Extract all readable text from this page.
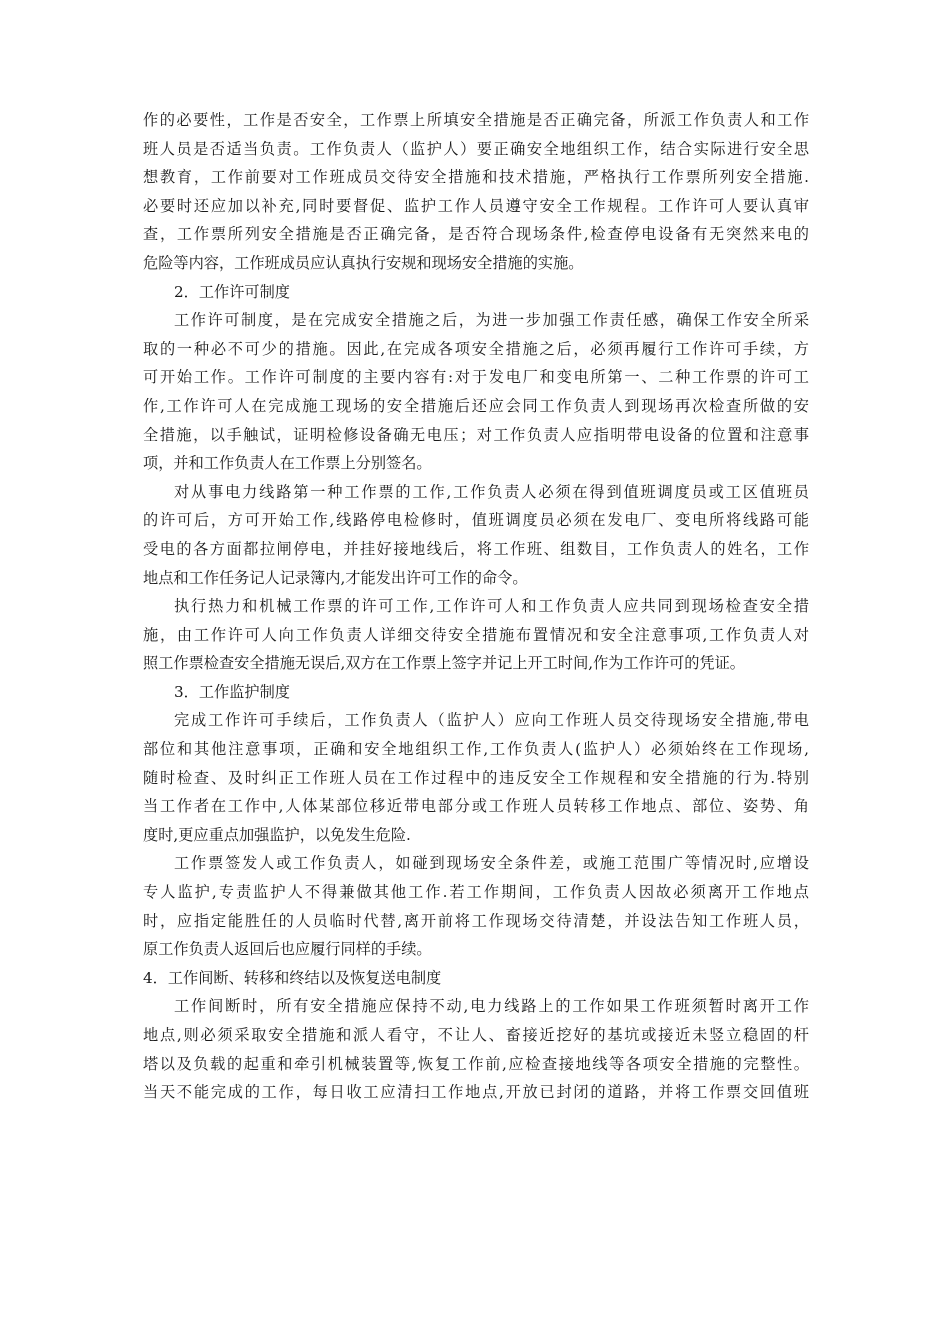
作的必要性，工作是否安全，工作票上所填安全措施是否正确完备，所派工作负责人和工作
班人员是否适当负责。工作负责人（监护人）要正确安全地组织工作，结合实际进行安全思
想教育，工作前要对工作班成员交待安全措施和技术措施，严格执行工作票所列安全措施.
必要时还应加以补充,同时要督促、监护工作人员遵守安全工作规程。工作许可人要认真审
查，工作票所列安全措施是否正确完备，是否符合现场条件,检查停电设备有无突然来电的
危险等内容，工作班成员应认真执行安规和现场安全措施的实施。
2．工作许可制度
工作许可制度，是在完成安全措施之后，为进一步加强工作责任感，确保工作安全所采
取的一种必不可少的措施。因此,在完成各项安全措施之后，必须再履行工作许可手续，方
可开始工作。工作许可制度的主要内容有:对于发电厂和变电所第一、二种工作票的许可工
作,工作许可人在完成施工现场的安全措施后还应会同工作负责人到现场再次检查所做的安
全措施，以手触试，证明检修设备确无电压；对工作负责人应指明带电设备的位置和注意事
项，并和工作负责人在工作票上分别签名。
对从事电力线路第一种工作票的工作,工作负责人必须在得到值班调度员或工区值班员
的许可后，方可开始工作,线路停电检修时，值班调度员必须在发电厂、变电所将线路可能
受电的各方面都拉闸停电，并挂好接地线后，将工作班、组数目，工作负责人的姓名，工作
地点和工作任务记人记录簿内,才能发出许可工作的命令。
执行热力和机械工作票的许可工作,工作许可人和工作负责人应共同到现场检查安全措
施，由工作许可人向工作负责人详细交待安全措施布置情况和安全注意事项,工作负责人对
照工作票检查安全措施无误后,双方在工作票上签字并记上开工时间,作为工作许可的凭证。
3．工作监护制度
完成工作许可手续后，工作负责人（监护人）应向工作班人员交待现场安全措施,带电
部位和其他注意事项，正确和安全地组织工作,工作负责人(监护人）必须始终在工作现场,
随时检查、及时纠正工作班人员在工作过程中的违反安全工作规程和安全措施的行为.特别
当工作者在工作中,人体某部位移近带电部分或工作班人员转移工作地点、部位、姿势、角
度时,更应重点加强监护，以免发生危险.
工作票签发人或工作负责人，如碰到现场安全条件差，或施工范围广等情况时,应增设
专人监护,专责监护人不得兼做其他工作.若工作期间，工作负责人因故必须离开工作地点
时，应指定能胜任的人员临时代替,离开前将工作现场交待清楚，并设法告知工作班人员，
原工作负责人返回后也应履行同样的手续。
4．工作间断、转移和终结以及恢复送电制度
工作间断时，所有安全措施应保持不动,电力线路上的工作如果工作班须暂时离开工作
地点,则必须采取安全措施和派人看守，不让人、畜接近挖好的基坑或接近未竖立稳固的杆
塔以及负载的起重和牵引机械装置等,恢复工作前,应检查接地线等各项安全措施的完整性。
当天不能完成的工作，每日收工应清扫工作地点,开放已封闭的道路，并将工作票交回值班
